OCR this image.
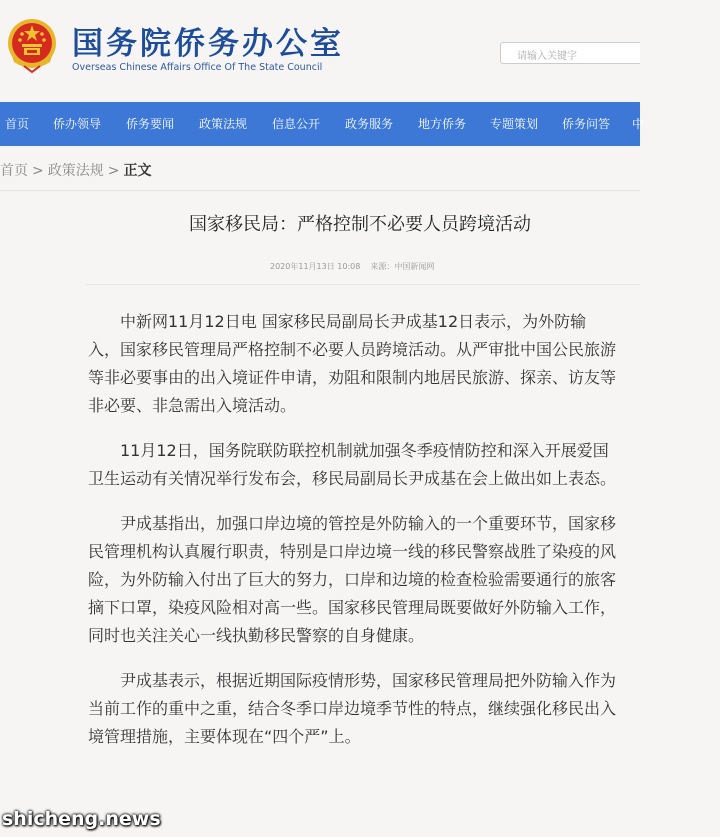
国务院侨务办公室
Overseas Chinese Affairs Office Of The State Council
请输入关键字
首页 侨办领导 侨务要闻 政策法规 信息公开 政务服务 地方侨务 专题策划 侨务问答 中
首页 > 政策法规 > 正文
国家移民局：严格控制不必要人员跨境活动
2020年11月13日 10:08 来源：中国新闻网

中新网11月12日电 国家移民局副局长尹成基12日表示，为外防输入，国家移民管理局严格控制不必要人员跨境活动。从严审批中国公民旅游等非必要事由的出入境证件申请，劝阻和限制内地居民旅游、探亲、访友等非必要、非急需出入境活动。

11月12日，国务院联防联控机制就加强冬季疫情防控和深入开展爱国卫生运动有关情况举行发布会，移民局副局长尹成基在会上做出如上表态。

尹成基指出，加强口岸边境的管控是外防输入的一个重要环节，国家移民管理机构认真履行职责，特别是口岸边境一线的移民警察战胜了染疫的风险，为外防输入付出了巨大的努力，口岸和边境的检查检验需要通行的旅客摘下口罩，染疫风险相对高一些。国家移民管理局既要做好外防输入工作，同时也关注关心一线执勤移民警察的自身健康。

尹成基表示，根据近期国际疫情形势，国家移民管理局把外防输入作为当前工作的重中之重，结合冬季口岸边境季节性的特点，继续强化移民出入境管理措施，主要体现在“四个严”上。

shicheng.news
